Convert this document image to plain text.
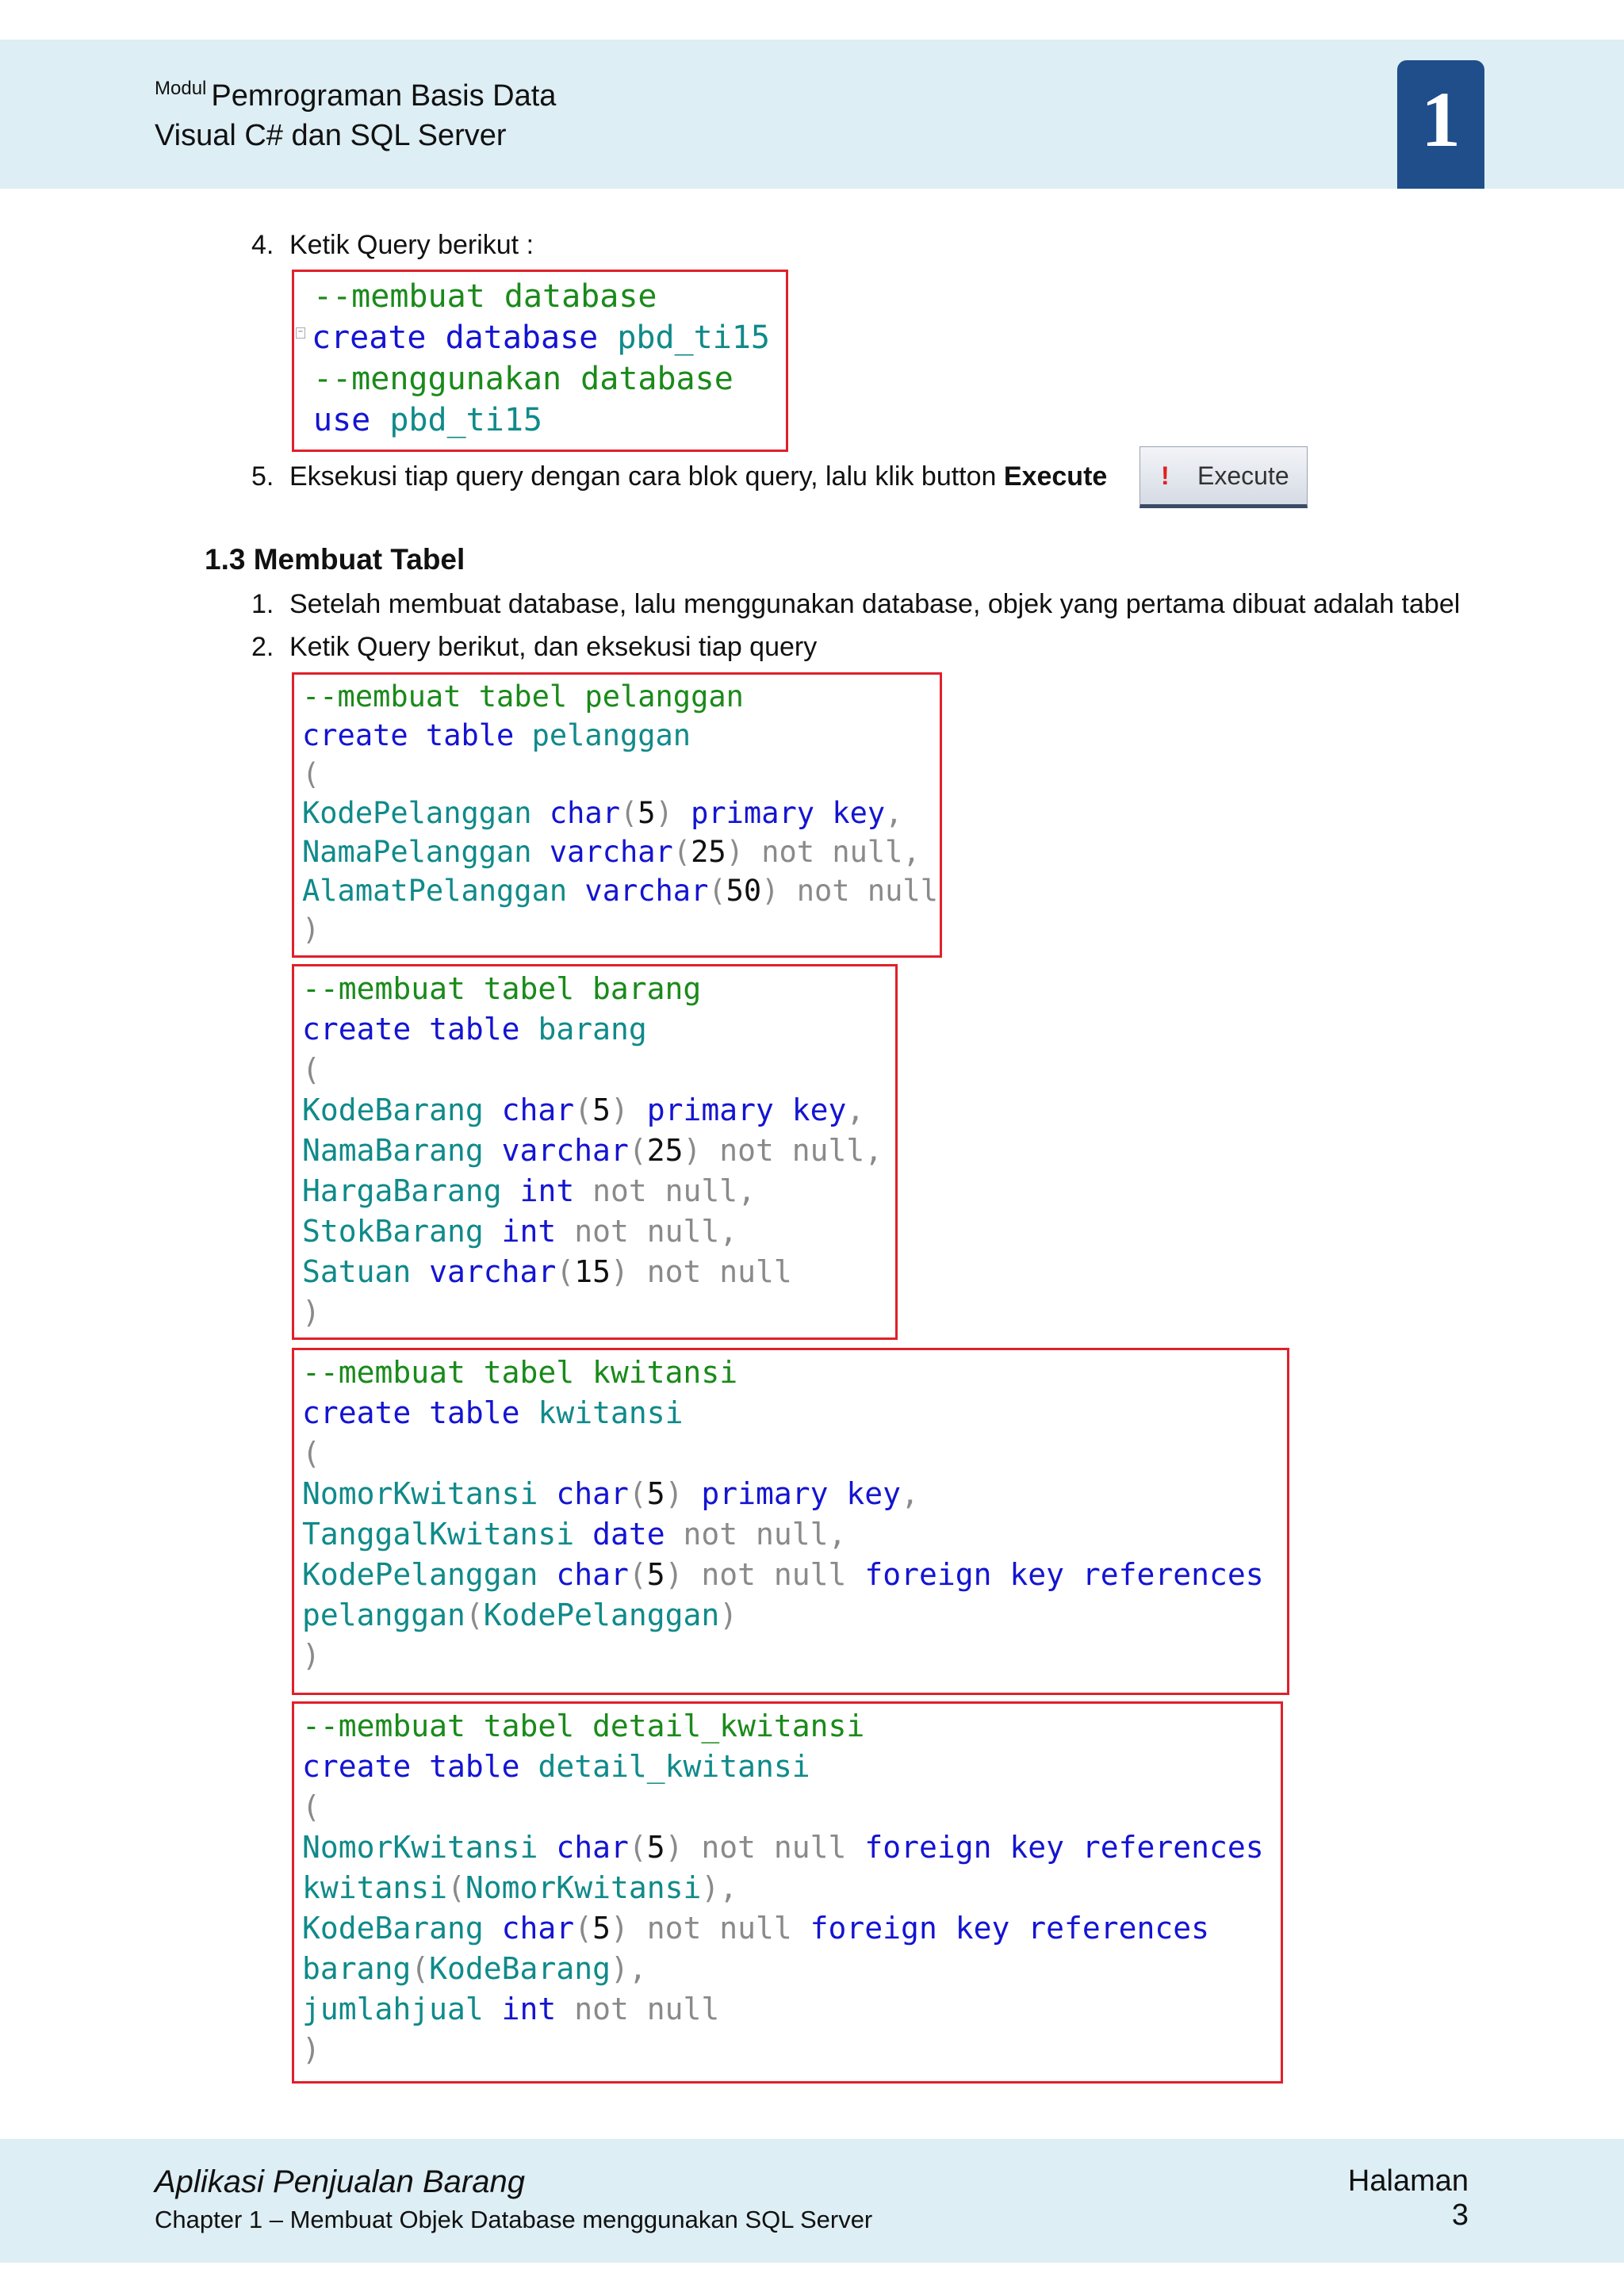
$^{Modul}$ Pemrograman Basis Data
Visual C# dan SQL Server	1
4. Ketik Query berikut :

--membuat database

−

create database pbd_ti15

--menggunakan database

use pbd_ti15

5. Eksekusi tiap query dengan cara blok query, lalu klik button Execute ! Execute
1.3 Membuat Tabel
1. Setelah membuat database, lalu menggunakan database, objek yang pertama dibuat adalah tabel
2. Ketik Query berikut, dan eksekusi tiap query

--membuat tabel pelanggan

create table pelanggan

(

KodePelanggan char(5) primary key,

NamaPelanggan varchar(25) not null,

AlamatPelanggan varchar(50) not null

)

--membuat tabel barang

create table barang

(

KodeBarang char(5) primary key,

NamaBarang varchar(25) not null,

HargaBarang int not null,

StokBarang int not null,

Satuan varchar(15) not null

)

--membuat tabel kwitansi

create table kwitansi

(

NomorKwitansi char(5) primary key,

TanggalKwitansi date not null,

KodePelanggan char(5) not null foreign key references

pelanggan(KodePelanggan)

)

--membuat tabel detail_kwitansi

create table detail_kwitansi

(

NomorKwitansi char(5) not null foreign key references

kwitansi(NomorKwitansi),

KodeBarang char(5) not null foreign key references

barang(KodeBarang),

jumlahjual int not null

)

Aplikasi Penjualan Barang
Chapter 1 – Membuat Objek Database menggunakan SQL Server
Halaman 3
